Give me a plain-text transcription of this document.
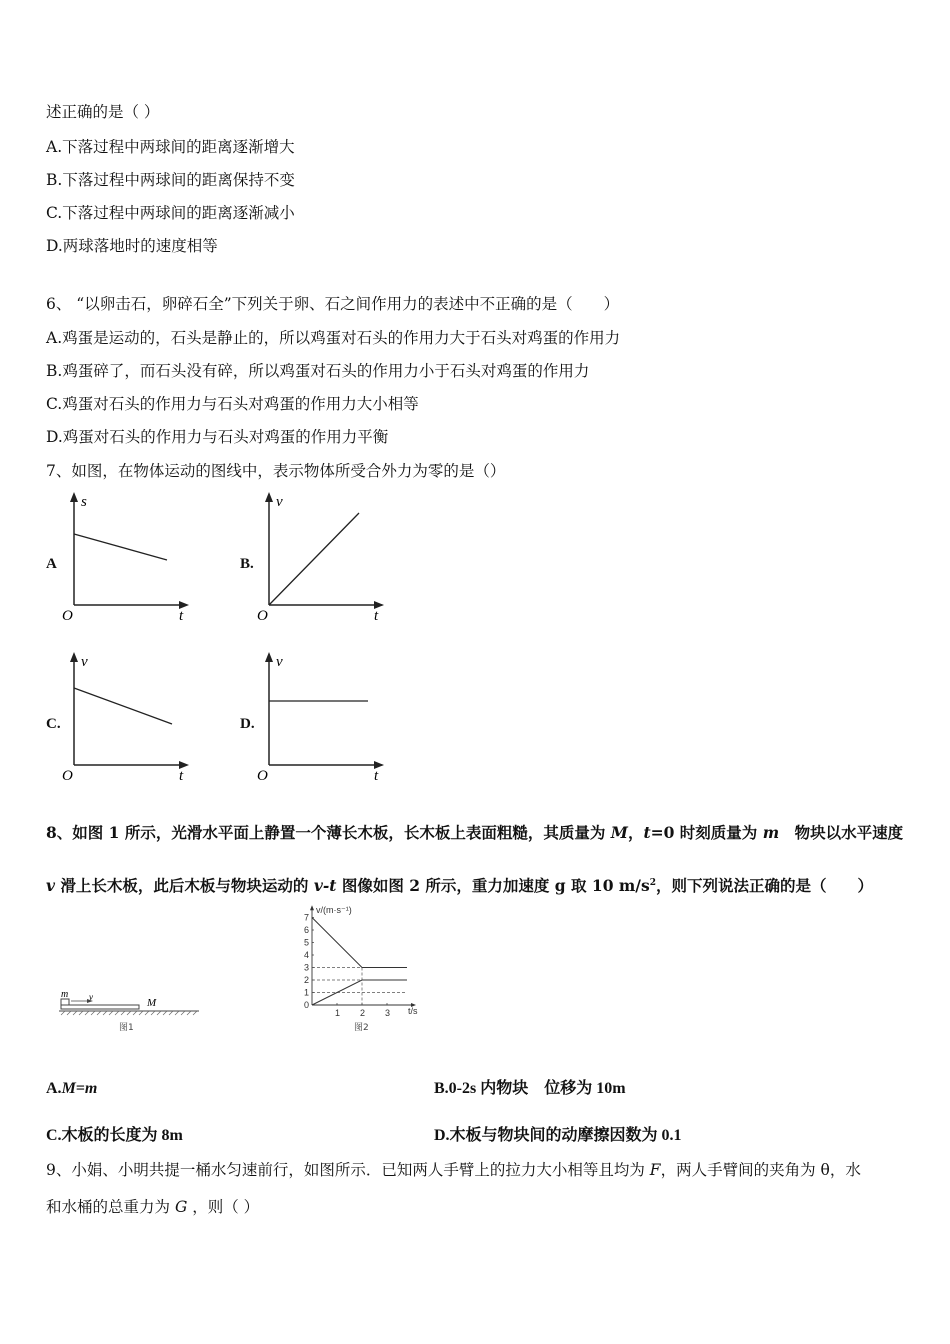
述正确的是（ ）
A.下落过程中两球间的距离逐渐增大
B.下落过程中两球间的距离保持不变
C.下落过程中两球间的距离逐渐减小
D.两球落地时的速度相等
6、 “以卵击石，卵碎石全”下列关于卵、石之间作用力的表述中不正确的是（　　）
A.鸡蛋是运动的，石头是静止的，所以鸡蛋对石头的作用力大于石头对鸡蛋的作用力
B.鸡蛋碎了，而石头没有碎，所以鸡蛋对石头的作用力小于石头对鸡蛋的作用力
C.鸡蛋对石头的作用力与石头对鸡蛋的作用力大小相等
D.鸡蛋对石头的作用力与石头对鸡蛋的作用力平衡
7、如图，在物体运动的图线中，表示物体所受合外力为零的是（）
A
s
t
O
B.
v
t
O
C.
v
t
O
D.
v
t
O
8、如图 1 所示，光滑水平面上静置一个薄长木板，长木板上表面粗糙，其质量为 M，t=0 时刻质量为 m　物块以水平速度
v 滑上长木板，此后木板与物块运动的 v-t 图像如图 2 所示，重力加速度 g 取 10 $m/s^2$，则下列说法正确的是（　　）
m v	M
图1
0
1
2
3
4
5
6
7
1 2 3
v/(m·s⁻¹)
t/s
图2
A.M=m	B.0-2s 内物块　位移为 10m
C.木板的长度为 8m	D.木板与物块间的动摩擦因数为 0.1
9、小娟、小明共提一桶水匀速前行，如图所示．已知两人手臂上的拉力大小相等且均为 F，两人手臂间的夹角为 θ，水
和水桶的总重力为 G ，则（ ）
